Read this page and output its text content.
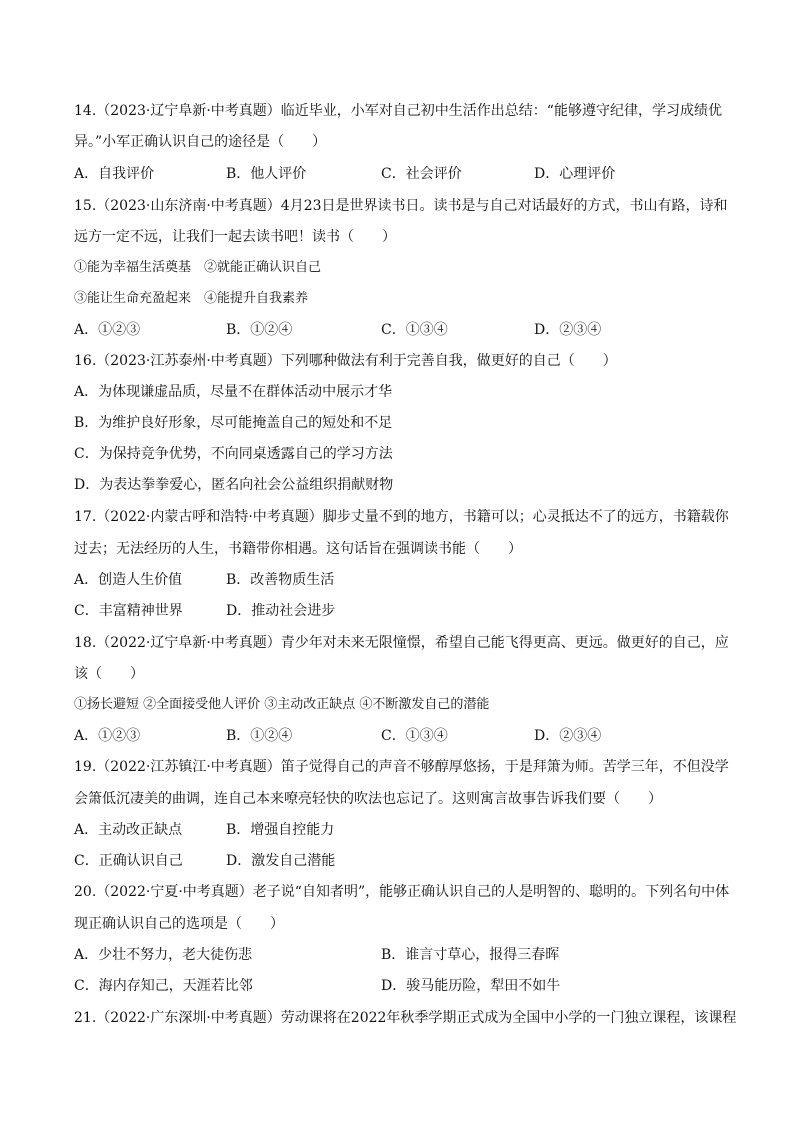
14.（2023·辽宁阜新·中考真题）临近毕业，小军对自己初中生活作出总结：“能够遵守纪律，学习成绩优
异。”小军正确认识自己的途径是（　　）
A．自我评价	B．他人评价	C．社会评价	D．心理评价
15.（2023·山东济南·中考真题）4月23日是世界读书日。读书是与自己对话最好的方式，书山有路，诗和
远方一定不远，让我们一起去读书吧！读书（　　）
①能为幸福生活奠基　②就能正确认识自己
③能让生命充盈起来　④能提升自我素养
A．①②③	B．①②④	C．①③④	D．②③④
16.（2023·江苏泰州·中考真题）下列哪种做法有利于完善自我，做更好的自己（　　）
A．为体现谦虚品质，尽量不在群体活动中展示才华
B．为维护良好形象，尽可能掩盖自己的短处和不足
C．为保持竞争优势，不向同桌透露自己的学习方法
D．为表达拳拳爱心，匿名向社会公益组织捐献财物
17.（2022·内蒙古呼和浩特·中考真题）脚步丈量不到的地方，书籍可以；心灵抵达不了的远方，书籍载你
过去；无法经历的人生，书籍带你相遇。这句话旨在强调读书能（　　）
A．创造人生价值	B．改善物质生活
C．丰富精神世界	D．推动社会进步
18.（2022·辽宁阜新·中考真题）青少年对未来无限憧憬，希望自己能飞得更高、更远。做更好的自己，应
该（　　）
①扬长避短 ②全面接受他人评价 ③主动改正缺点 ④不断激发自己的潜能
A．①②③	B．①②④	C．①③④	D．②③④
19.（2022·江苏镇江·中考真题）笛子觉得自己的声音不够醇厚悠扬，于是拜箫为师。苦学三年，不但没学
会箫低沉凄美的曲调，连自己本来嘹亮轻快的吹法也忘记了。这则寓言故事告诉我们要（　　）
A．主动改正缺点	B．增强自控能力
C．正确认识自己	D．激发自己潜能
20.（2022·宁夏·中考真题）老子说“自知者明”，能够正确认识自己的人是明智的、聪明的。下列名句中体
现正确认识自己的选项是（　　）
A．少壮不努力，老大徒伤悲	B．谁言寸草心，报得三春晖
C．海内存知己，天涯若比邻	D．骏马能历险，犁田不如牛
21.（2022·广东深圳·中考真题）劳动课将在2022年秋季学期正式成为全国中小学的一门独立课程，该课程
